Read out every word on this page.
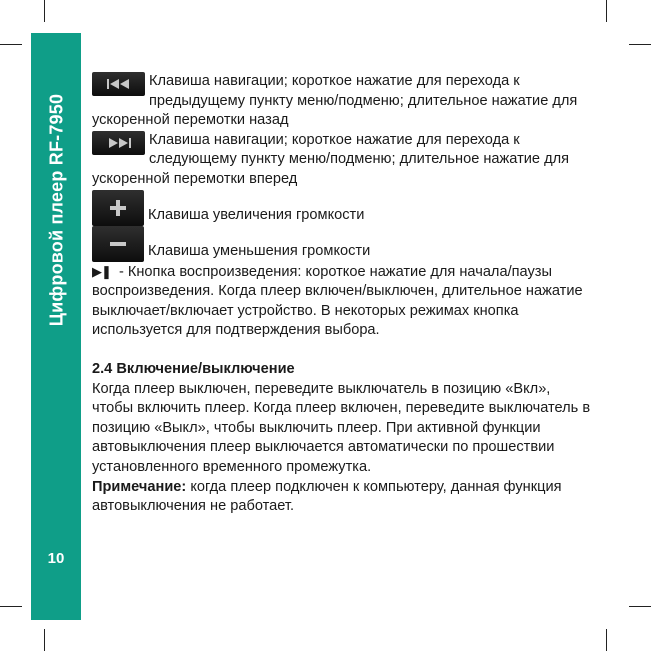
Цифровой плеер RF-7950
10

Клавиша навигации; короткое нажатие для перехода к предыдущему пункту меню/подменю; длительное нажатие для ускоренной перемотки назад

Клавиша навигации; короткое нажатие для перехода к следующему пункту меню/подменю; длительное нажатие для ускоренной перемотки вперед

Клавиша увеличения громкости

Клавиша уменьшения громкости

▶❚ - Кнопка воспроизведения: короткое нажатие для начала/паузы воспроизведения. Когда плеер включен/выключен, длительное нажатие выключает/включает устройство. В некоторых режимах кнопка используется для подтверждения выбора.

2.4 Включение/выключение

Когда плеер выключен, переведите выключатель в позицию «Вкл», чтобы включить плеер. Когда плеер включен, переведите выключатель в позицию «Выкл», чтобы выключить плеер. При активной функции автовыключения плеер выключается автоматически по прошествии установленного временного промежутка.

Примечание: когда плеер подключен к компьютеру, данная функция автовыключения не работает.
